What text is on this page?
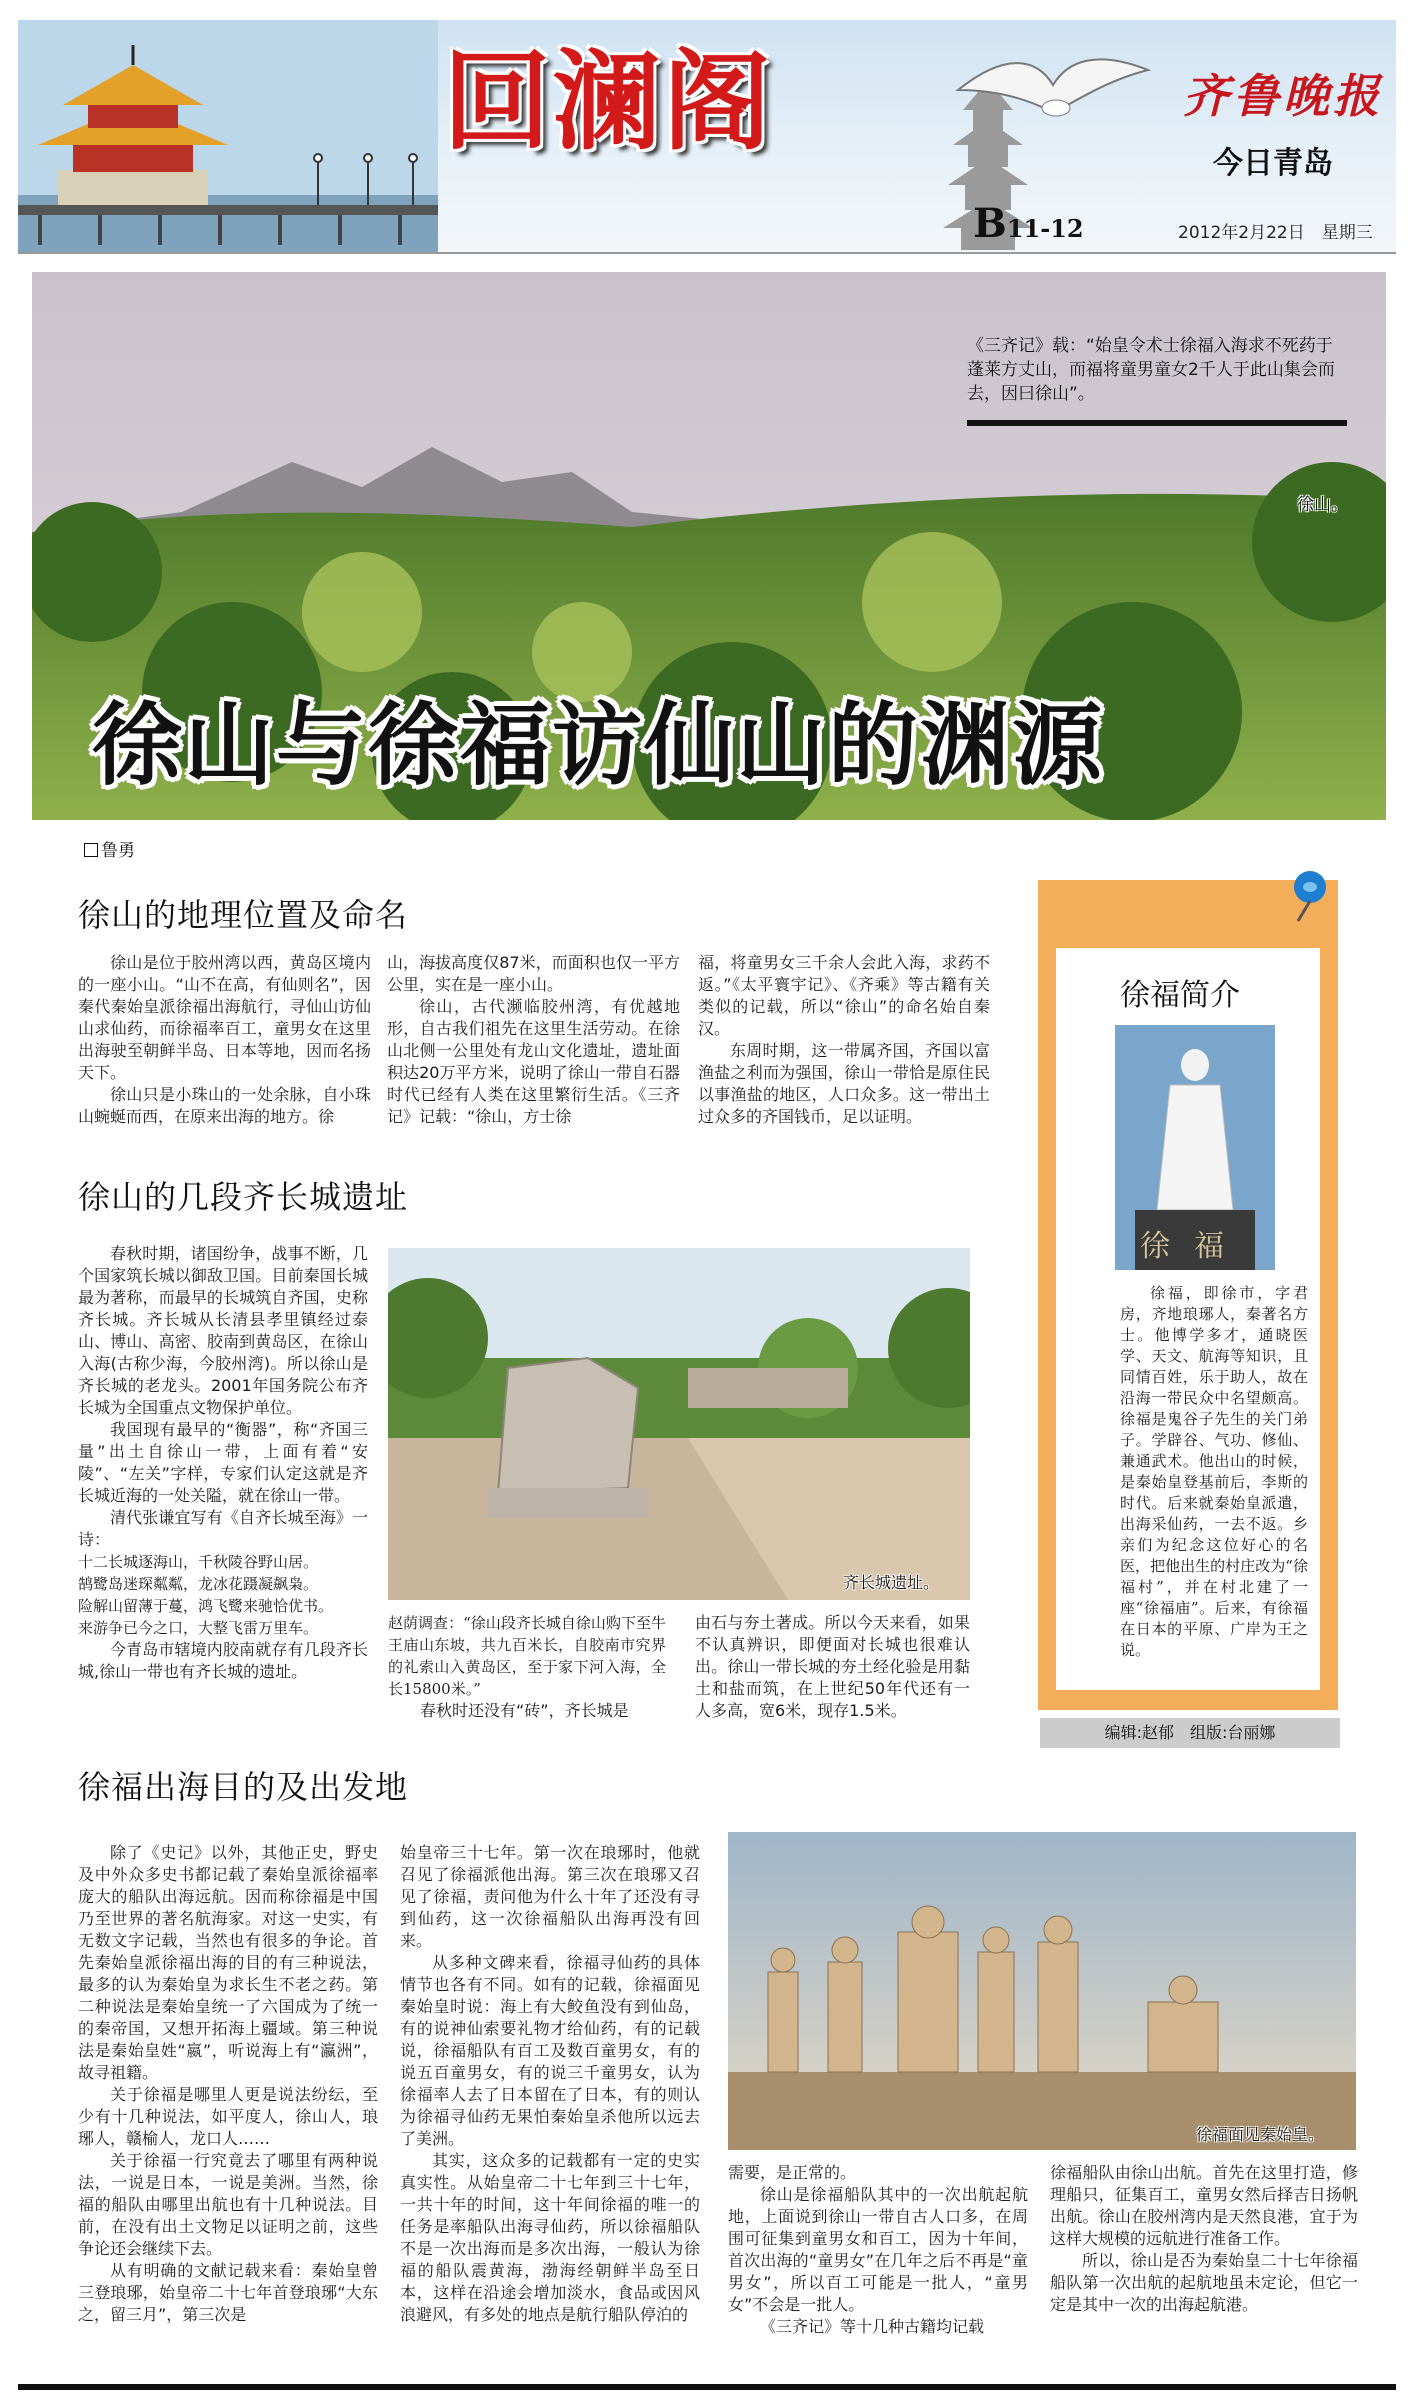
回澜阁	齐鲁晚报
今日青岛
B11-12	2012年2月22日　星期三
《三齐记》载：“始皇令术士徐福入海求不死药于蓬莱方丈山，而福将童男童女2千人于此山集会而去，因曰徐山”。
徐山。
徐山与徐福访仙山的渊源
鲁勇
徐山的地理位置及命名

徐山是位于胶州湾以西，黄岛区境内的一座小山。“山不在高，有仙则名”，因秦代秦始皇派徐福出海航行，寻仙山访仙山求仙药，而徐福率百工，童男女在这里出海驶至朝鲜半岛、日本等地，因而名扬天下。

徐山只是小珠山的一处余脉，自小珠山蜿蜒而西，在原来出海的地方。徐

山，海拔高度仅87米，而面积也仅一平方公里，实在是一座小山。

徐山，古代濒临胶州湾，有优越地形，自古我们祖先在这里生活劳动。在徐山北侧一公里处有龙山文化遗址，遗址面积达20万平方米，说明了徐山一带自石器时代已经有人类在这里繁衍生活。《三齐记》记载：“徐山，方士徐

福，将童男女三千余人会此入海，求药不返。”《太平寰宇记》、《齐乘》等古籍有关类似的记载，所以“徐山”的命名始自秦汉。

东周时期，这一带属齐国，齐国以富渔盐之利而为强国，徐山一带恰是原住民以事渔盐的地区，人口众多。这一带出土过众多的齐国钱币，足以证明。

徐山的几段齐长城遗址

春秋时期，诸国纷争，战事不断，几个国家筑长城以御敌卫国。目前秦国长城最为著称，而最早的长城筑自齐国，史称齐长城。齐长城从长清县孝里镇经过泰山、博山、高密、胶南到黄岛区，在徐山入海(古称少海，今胶州湾)。所以徐山是齐长城的老龙头。2001年国务院公布齐长城为全国重点文物保护单位。

我国现有最早的“衡器”，称“齐国三量”出土自徐山一带，上面有着“安陵”、“左关”字样，专家们认定这就是齐长城近海的一处关隘，就在徐山一带。

清代张谦宜写有《自齐长城至海》一诗：

十二长城逐海山，千秋陵谷野山居。

鹄鹭岛迷琛粼粼，龙冰花蹑凝飙枭。

险解山留薄于蔓，鸿飞鹭来驰恰优书。

来游争已今之口，大整飞雷万里车。

今青岛市辖境内胶南就存有几段齐长城,徐山一带也有齐长城的遗址。

齐长城遗址。

赵荫调查：“徐山段齐长城自徐山购下至牛王庙山东坡，共九百米长，自胶南市究界的礼索山入黄岛区，至于家下河入海，全长15800米。”

春秋时还没有“砖”，齐长城是

由石与夯土著成。所以今天来看，如果不认真辨识，即便面对长城也很难认出。徐山一带长城的夯土经化验是用黏土和盐而筑，在上世纪50年代还有一人多高，宽6米，现存1.5米。

徐福简介
徐福

徐福，即徐市，字君房，齐地琅琊人，秦著名方士。他博学多才，通晓医学、天文、航海等知识，且同情百姓，乐于助人，故在沿海一带民众中名望颇高。徐福是鬼谷子先生的关门弟子。学辟谷、气功、修仙、兼通武术。他出山的时候，是秦始皇登基前后，李斯的时代。后来就秦始皇派遣，出海采仙药，一去不返。乡亲们为纪念这位好心的名医，把他出生的村庄改为“徐福村”，并在村北建了一座“徐福庙”。后来，有徐福在日本的平原、广岸为王之说。

编辑:赵郁　组版:台丽娜
徐福出海目的及出发地

除了《史记》以外，其他正史，野史及中外众多史书都记载了秦始皇派徐福率庞大的船队出海远航。因而称徐福是中国乃至世界的著名航海家。对这一史实，有无数文字记载，当然也有很多的争论。首先秦始皇派徐福出海的目的有三种说法，最多的认为秦始皇为求长生不老之药。第二种说法是秦始皇统一了六国成为了统一的秦帝国，又想开拓海上疆域。第三种说法是秦始皇姓“嬴”，听说海上有“瀛洲”，故寻祖籍。

关于徐福是哪里人更是说法纷纭，至少有十几种说法，如平度人，徐山人，琅琊人，赣榆人，龙口人……

关于徐福一行究竟去了哪里有两种说法，一说是日本，一说是美洲。当然，徐福的船队由哪里出航也有十几种说法。目前，在没有出土文物足以证明之前，这些争论还会继续下去。

从有明确的文献记载来看：秦始皇曾三登琅琊，始皇帝二十七年首登琅琊“大东之，留三月”，第三次是

始皇帝三十七年。第一次在琅琊时，他就召见了徐福派他出海。第三次在琅琊又召见了徐福，责问他为什么十年了还没有寻到仙药，这一次徐福船队出海再没有回来。

从多种文碑来看，徐福寻仙药的具体情节也各有不同。如有的记载，徐福面见秦始皇时说：海上有大鲛鱼没有到仙岛，有的说神仙索要礼物才给仙药，有的记载说，徐福船队有百工及数百童男女，有的说五百童男女，有的说三千童男女，认为徐福率人去了日本留在了日本，有的则认为徐福寻仙药无果怕秦始皇杀他所以远去了美洲。

其实，这众多的记载都有一定的史实真实性。从始皇帝二十七年到三十七年，一共十年的时间，这十年间徐福的唯一的任务是率船队出海寻仙药，所以徐福船队不是一次出海而是多次出海，一般认为徐福的船队震黄海，渤海经朝鲜半岛至日本，这样在沿途会增加淡水，食品或因风浪避风，有多处的地点是航行船队停泊的

徐福面见秦始皇。

需要，是正常的。

徐山是徐福船队其中的一次出航起航地，上面说到徐山一带自古人口多，在周围可征集到童男女和百工，因为十年间，首次出海的“童男女”在几年之后不再是“童男女”，所以百工可能是一批人，“童男女”不会是一批人。

《三齐记》等十几种古籍均记载

徐福船队由徐山出航。首先在这里打造，修理船只，征集百工，童男女然后择吉日扬帆出航。徐山在胶州湾内是天然良港，宜于为这样大规模的远航进行准备工作。

所以，徐山是否为秦始皇二十七年徐福船队第一次出航的起航地虽未定论，但它一定是其中一次的出海起航港。
